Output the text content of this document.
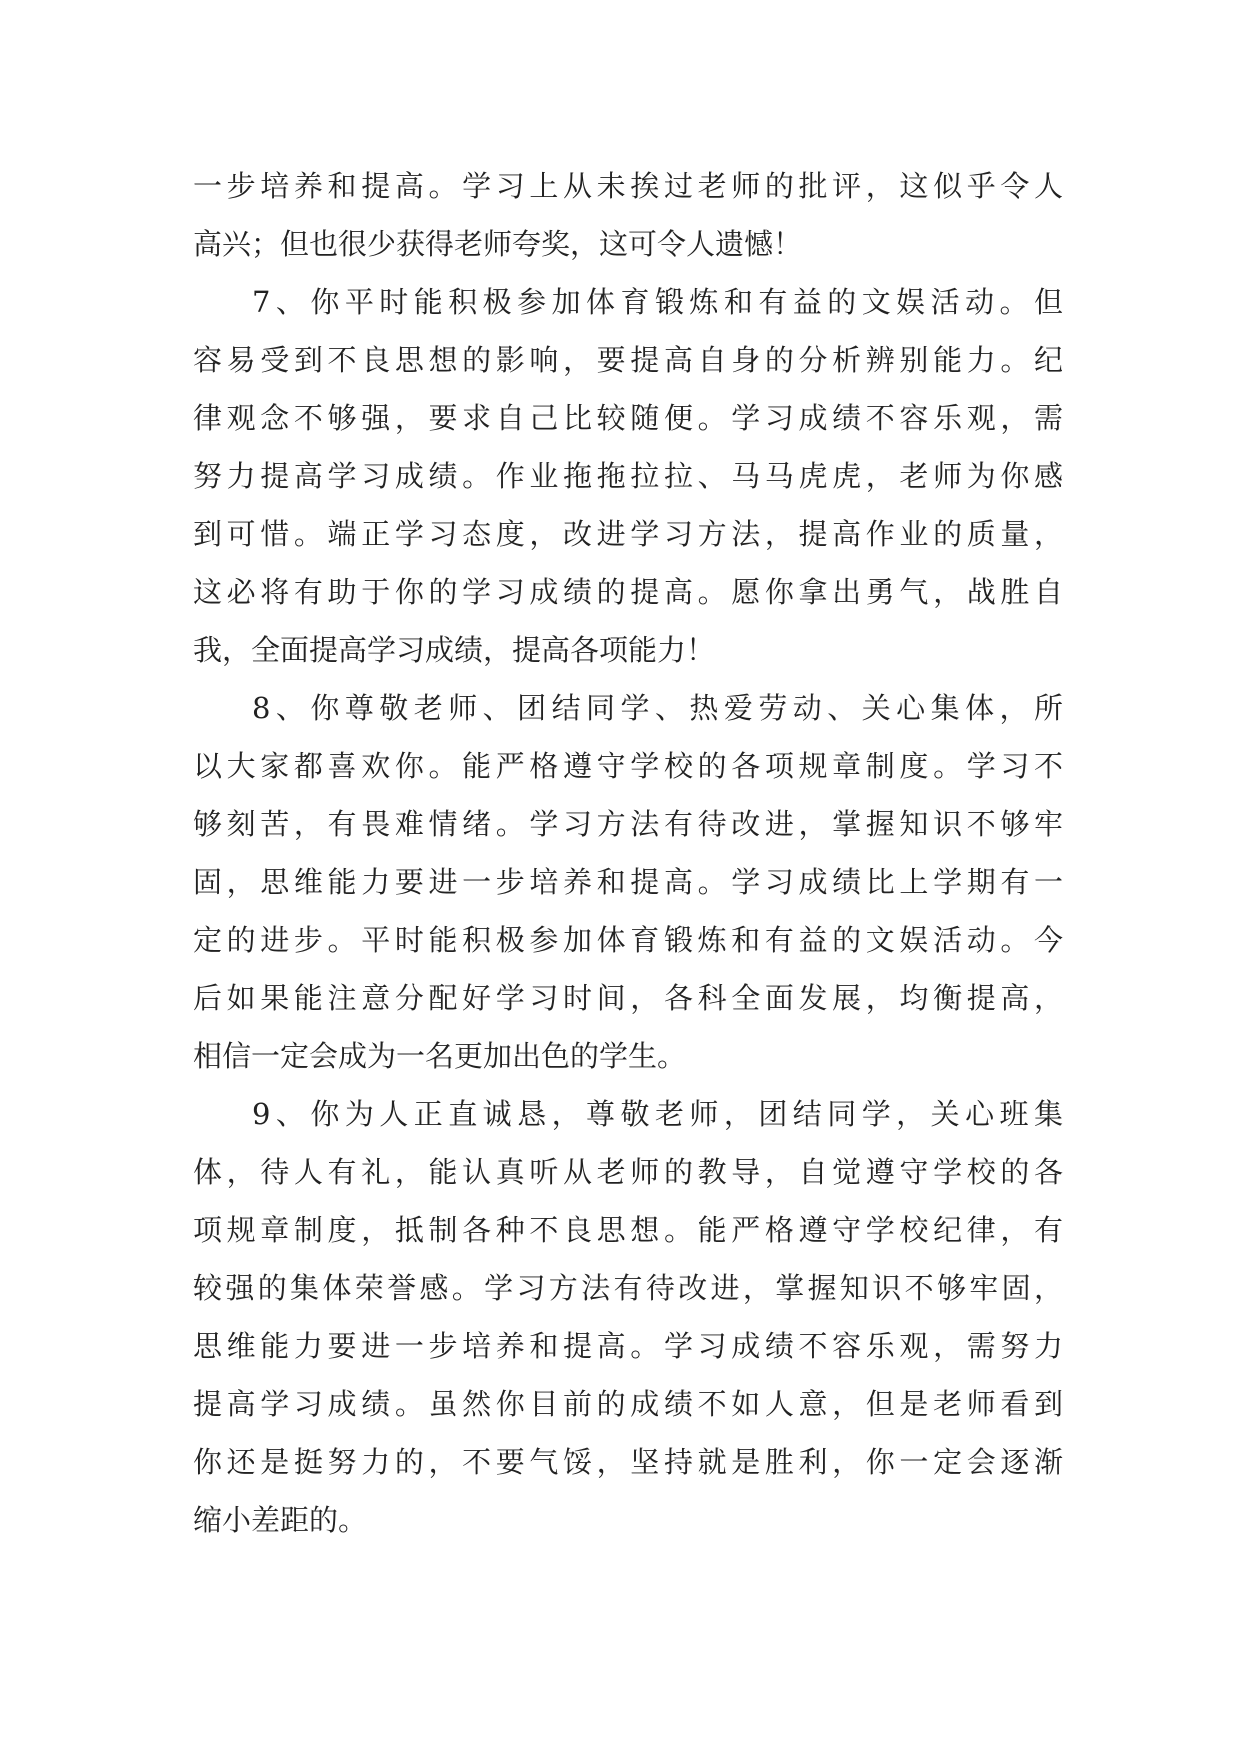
一步培养和提高。学习上从未挨过老师的批评，这似乎令人
高兴；但也很少获得老师夸奖，这可令人遗憾！
7、你平时能积极参加体育锻炼和有益的文娱活动。但
容易受到不良思想的影响，要提高自身的分析辨别能力。纪
律观念不够强，要求自己比较随便。学习成绩不容乐观，需
努力提高学习成绩。作业拖拖拉拉、马马虎虎，老师为你感
到可惜。端正学习态度，改进学习方法，提高作业的质量，
这必将有助于你的学习成绩的提高。愿你拿出勇气，战胜自
我，全面提高学习成绩，提高各项能力！
8、你尊敬老师、团结同学、热爱劳动、关心集体，所
以大家都喜欢你。能严格遵守学校的各项规章制度。学习不
够刻苦，有畏难情绪。学习方法有待改进，掌握知识不够牢
固，思维能力要进一步培养和提高。学习成绩比上学期有一
定的进步。平时能积极参加体育锻炼和有益的文娱活动。今
后如果能注意分配好学习时间，各科全面发展，均衡提高，
相信一定会成为一名更加出色的学生。
9、你为人正直诚恳，尊敬老师，团结同学，关心班集
体，待人有礼，能认真听从老师的教导，自觉遵守学校的各
项规章制度，抵制各种不良思想。能严格遵守学校纪律，有
较强的集体荣誉感。学习方法有待改进，掌握知识不够牢固，
思维能力要进一步培养和提高。学习成绩不容乐观，需努力
提高学习成绩。虽然你目前的成绩不如人意，但是老师看到
你还是挺努力的，不要气馁，坚持就是胜利，你一定会逐渐
缩小差距的。
